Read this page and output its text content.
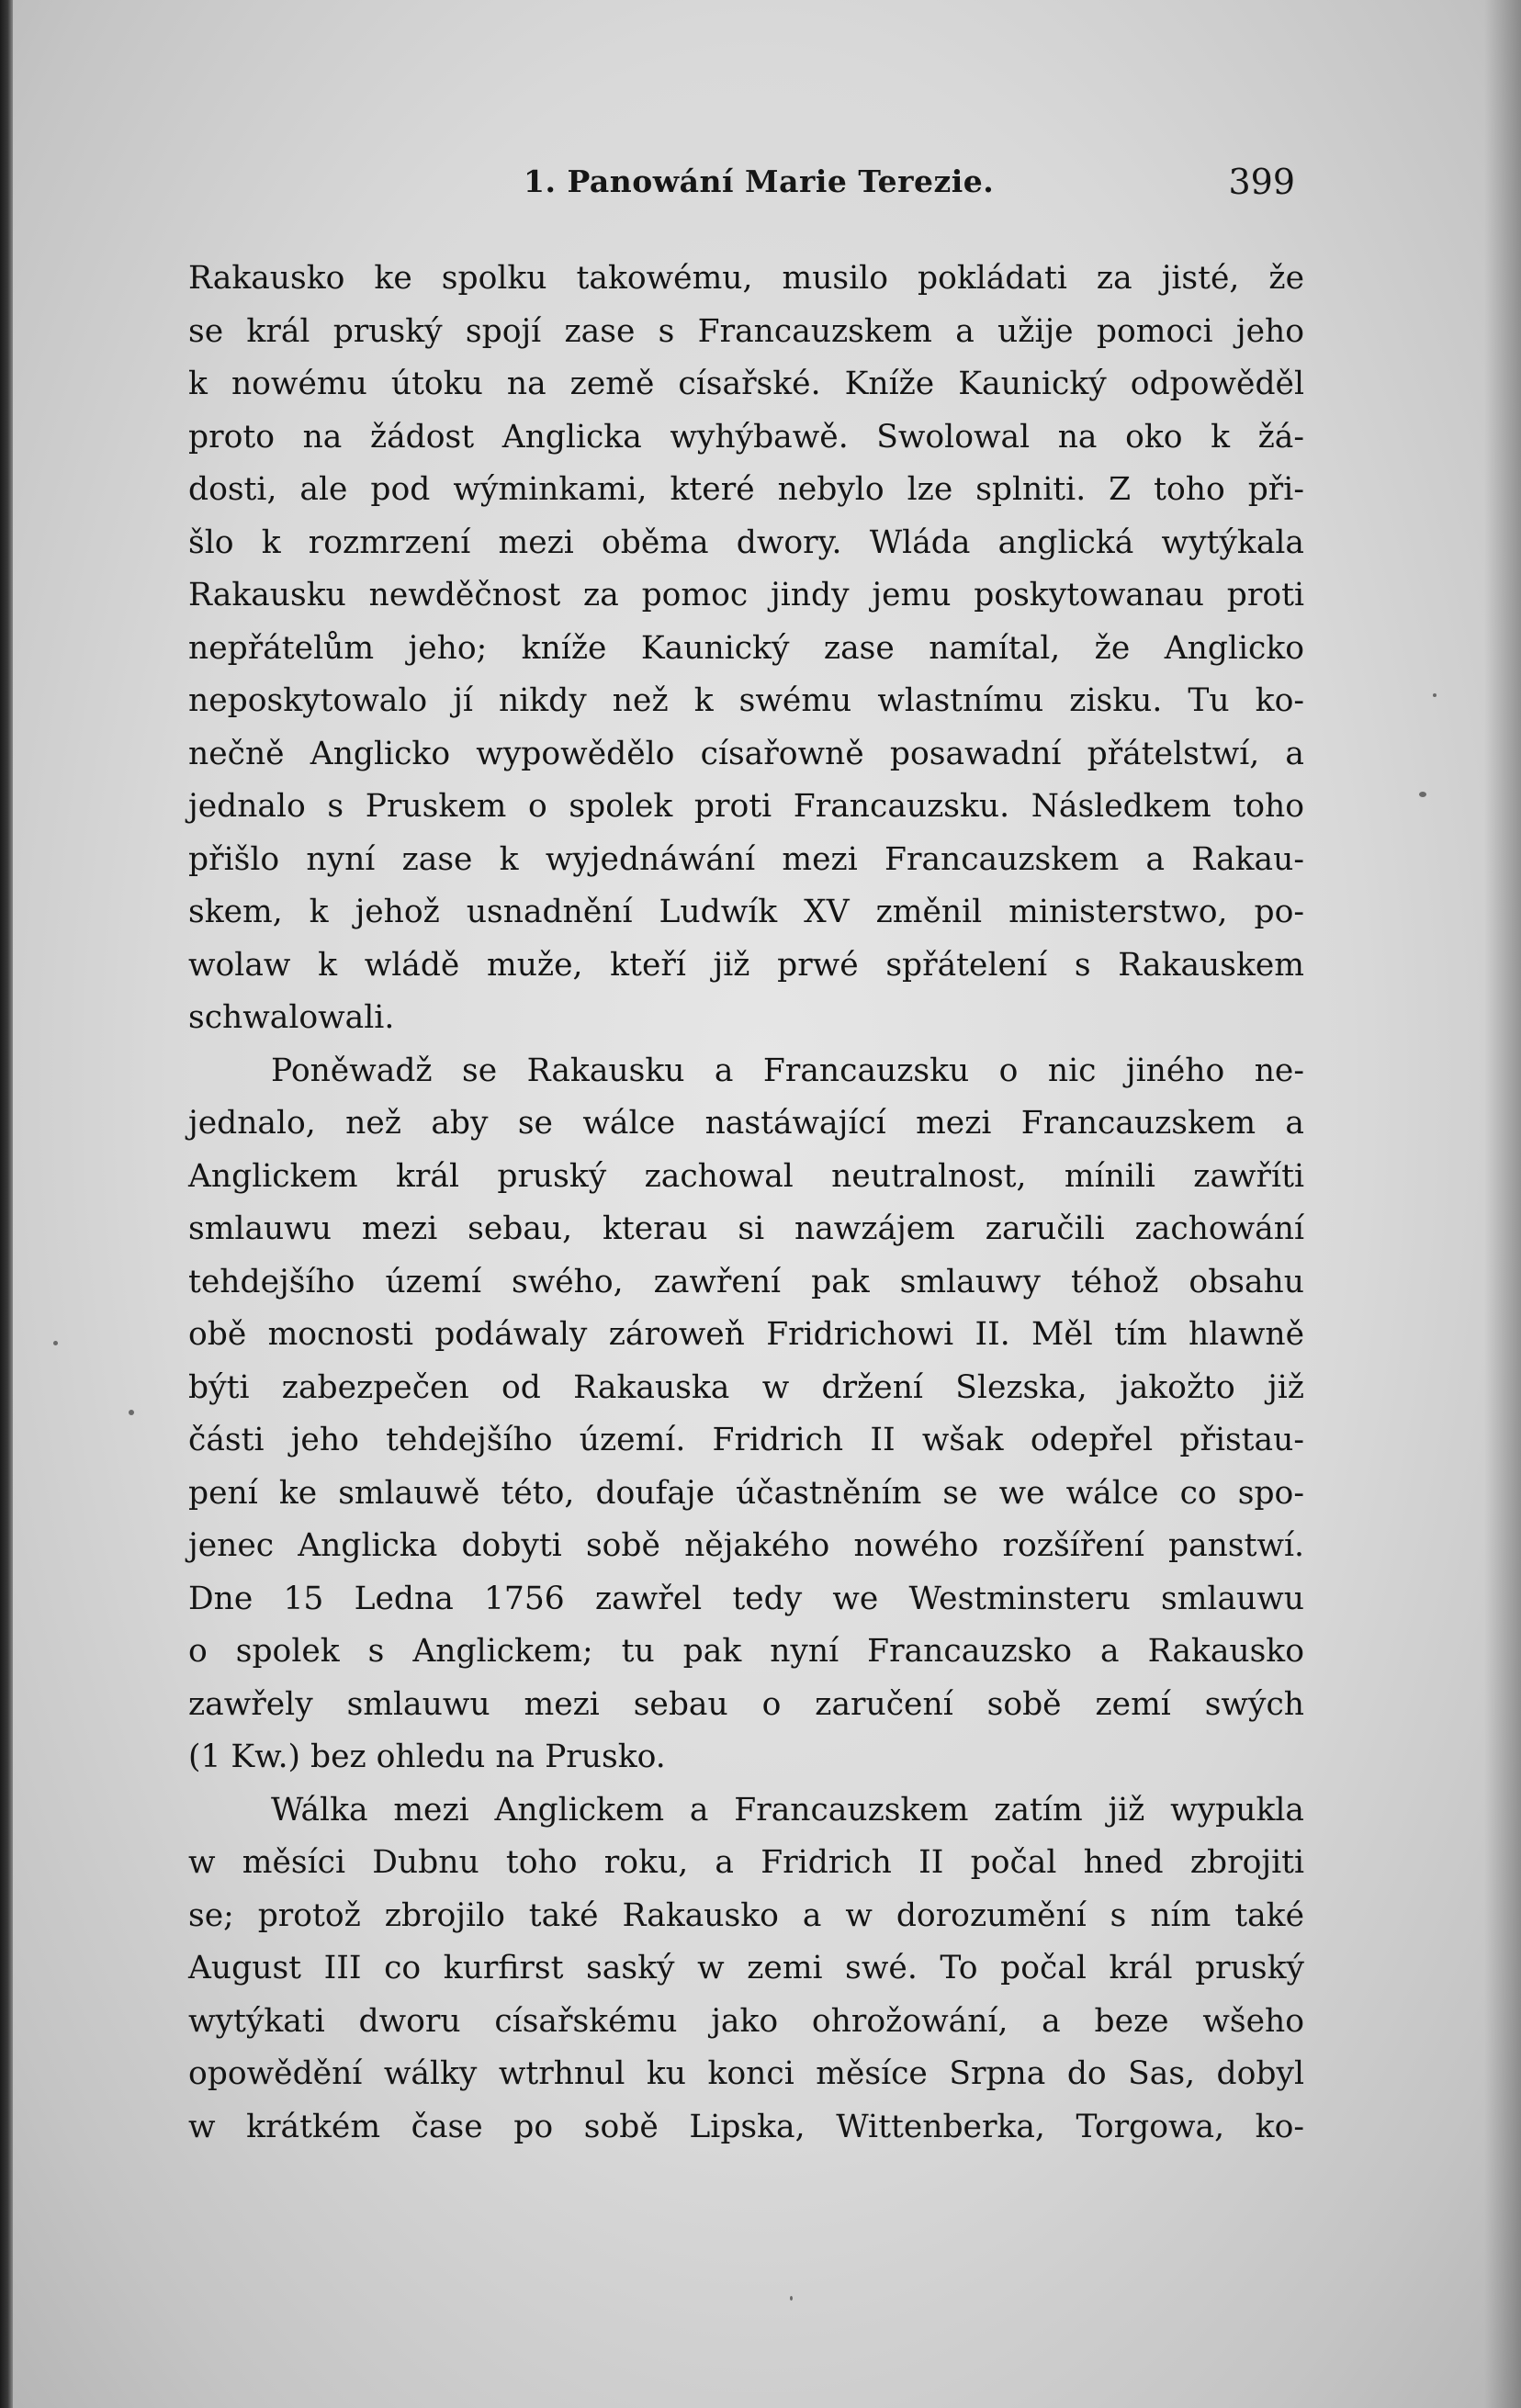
1. Panowání Marie Terezie.	399
Rakausko ke spolku takowému, musilo pokládati za jisté, že
se král pruský spojí zase s Francauzskem a užije pomoci jeho
k nowému útoku na země císařské. Kníže Kaunický odpowěděl
proto na žádost Anglicka wyhýbawě. Swolowal na oko k žá-
dosti, ale pod wýminkami, které nebylo lze splniti. Z toho při-
šlo k rozmrzení mezi oběma dwory. Wláda anglická wytýkala
Rakausku newděčnost za pomoc jindy jemu poskytowanau proti
nepřátelům jeho; kníže Kaunický zase namítal, že Anglicko
neposkytowalo jí nikdy než k swému wlastnímu zisku. Tu ko-
nečně Anglicko wypowědělo císařowně posawadní přátelstwí, a
jednalo s Pruskem o spolek proti Francauzsku. Následkem toho
přišlo nyní zase k wyjednáwání mezi Francauzskem a Rakau-
skem, k jehož usnadnění Ludwík XV změnil ministerstwo, po-
wolaw k wládě muže, kteří již prwé spřátelení s Rakauskem
schwalowali.
Poněwadž se Rakausku a Francauzsku o nic jiného ne-
jednalo, než aby se wálce nastáwající mezi Francauzskem a
Anglickem král pruský zachowal neutralnost, mínili zawříti
smlauwu mezi sebau, kterau si nawzájem zaručili zachowání
tehdejšího území swého, zawření pak smlauwy téhož obsahu
obě mocnosti podáwaly zároweň Fridrichowi II. Měl tím hlawně
býti zabezpečen od Rakauska w držení Slezska, jakožto již
části jeho tehdejšího území. Fridrich II wšak odepřel přistau-
pení ke smlauwě této, doufaje účastněním se we wálce co spo-
jenec Anglicka dobyti sobě nějakého nowého rozšíření panstwí.
Dne 15 Ledna 1756 zawřel tedy we Westminsteru smlauwu
o spolek s Anglickem; tu pak nyní Francauzsko a Rakausko
zawřely smlauwu mezi sebau o zaručení sobě zemí swých
(1 Kw.) bez ohledu na Prusko.
Wálka mezi Anglickem a Francauzskem zatím již wypukla
w měsíci Dubnu toho roku, a Fridrich II počal hned zbrojiti
se; protož zbrojilo také Rakausko a w dorozumění s ním také
August III co kurfirst saský w zemi swé. To počal král pruský
wytýkati dworu císařskému jako ohrožowání, a beze wšeho
opowědění wálky wtrhnul ku konci měsíce Srpna do Sas, dobyl
w krátkém čase po sobě Lipska, Wittenberka, Torgowa, ko-
